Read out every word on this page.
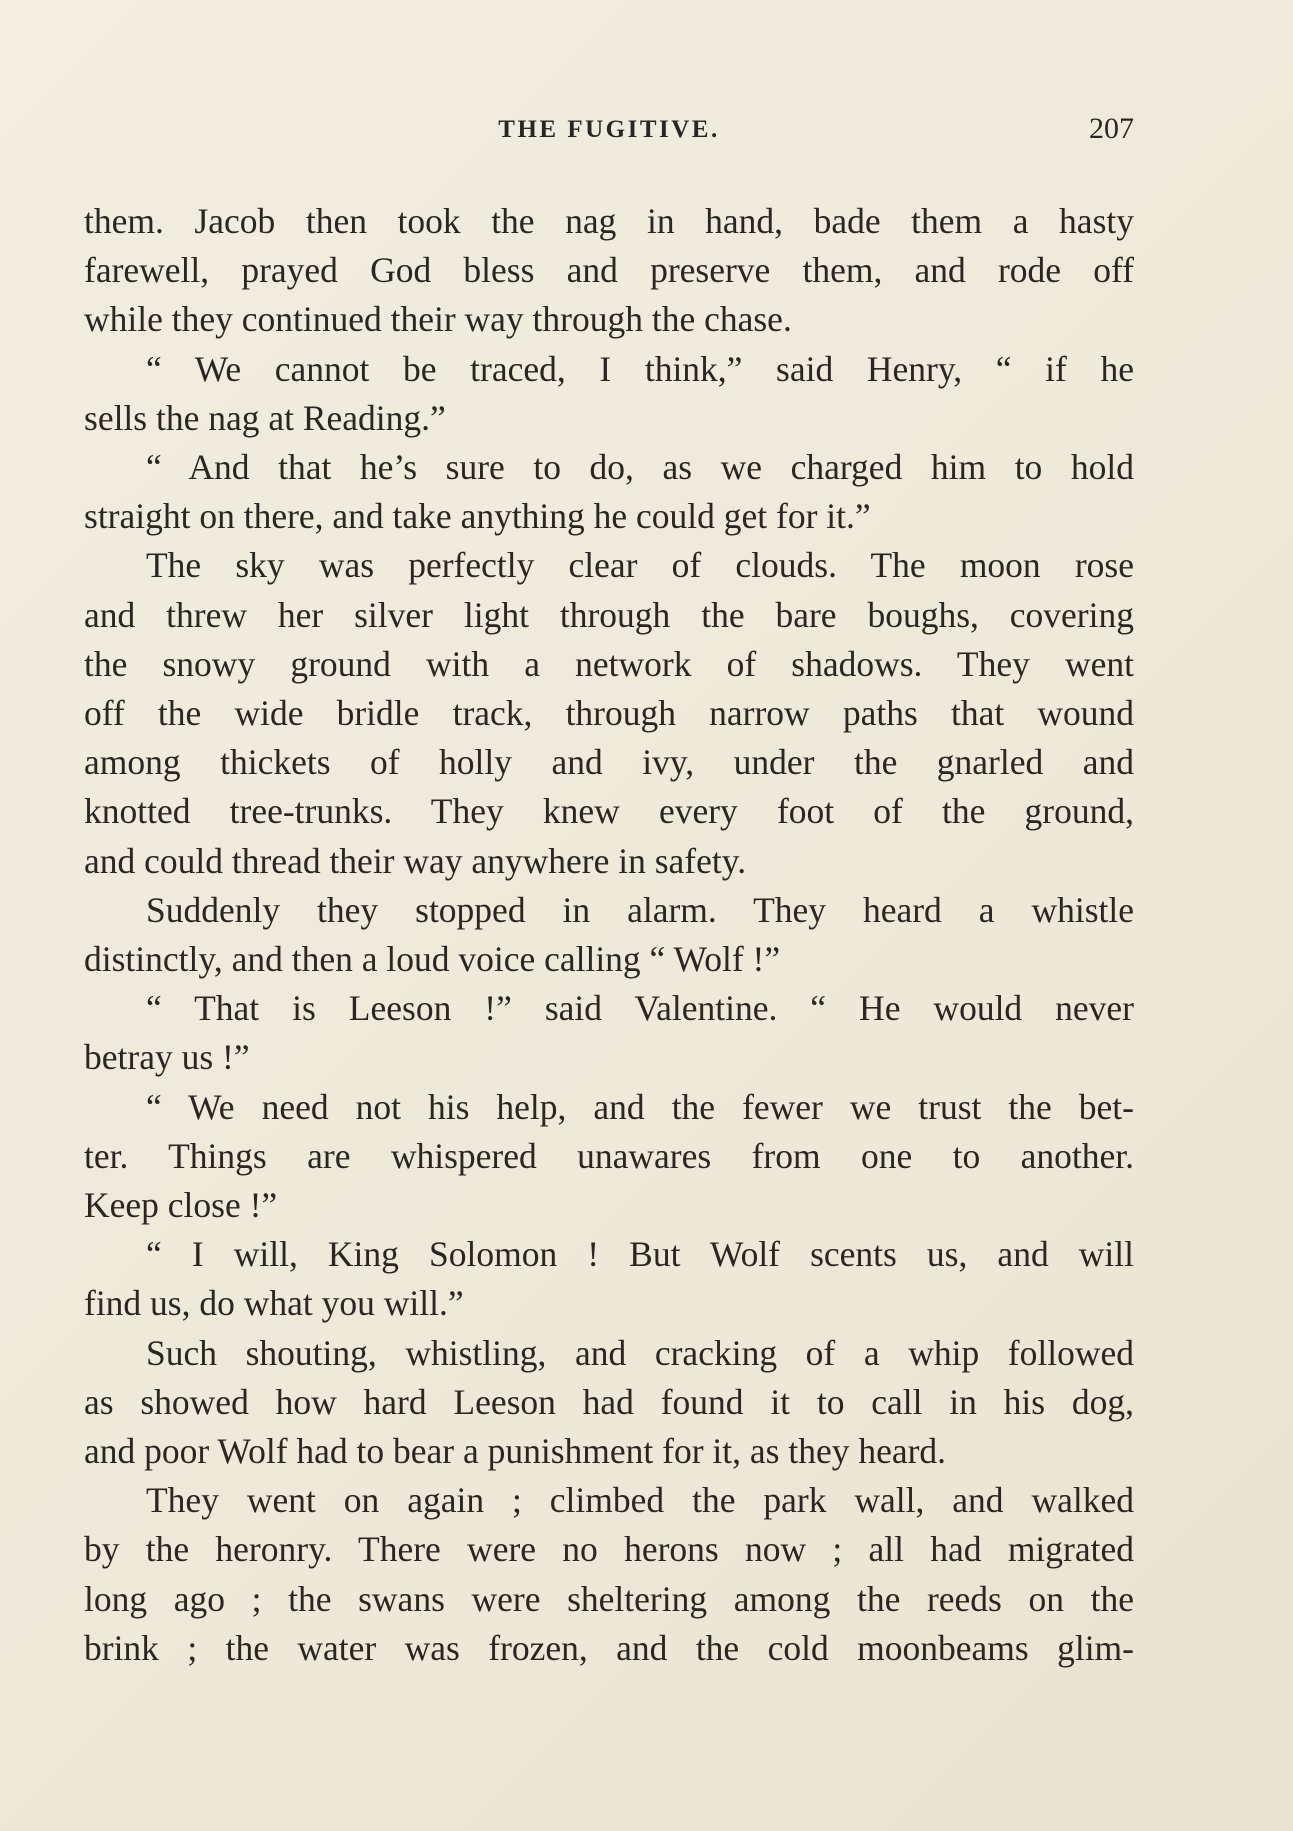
THE FUGITIVE.	207
them. Jacob then took the nag in hand, bade them a hasty
farewell, prayed God bless and preserve them, and rode off
while they continued their way through the chase.
“ We cannot be traced, I think,” said Henry, “ if he
sells the nag at Reading.”
“ And that he’s sure to do, as we charged him to hold
straight on there, and take anything he could get for it.”
The sky was perfectly clear of clouds. The moon rose
and threw her silver light through the bare boughs, covering
the snowy ground with a network of shadows. They went
off the wide bridle track, through narrow paths that wound
among thickets of holly and ivy, under the gnarled and
knotted tree-trunks. They knew every foot of the ground,
and could thread their way anywhere in safety.
Suddenly they stopped in alarm. They heard a whistle
distinctly, and then a loud voice calling “ Wolf !”
“ That is Leeson !” said Valentine. “ He would never
betray us !”
“ We need not his help, and the fewer we trust the bet-
ter. Things are whispered unawares from one to another.
Keep close !”
“ I will, King Solomon ! But Wolf scents us, and will
find us, do what you will.”
Such shouting, whistling, and cracking of a whip followed
as showed how hard Leeson had found it to call in his dog,
and poor Wolf had to bear a punishment for it, as they heard.
They went on again ; climbed the park wall, and walked
by the heronry. There were no herons now ; all had migrated
long ago ; the swans were sheltering among the reeds on the
brink ; the water was frozen, and the cold moonbeams glim-
